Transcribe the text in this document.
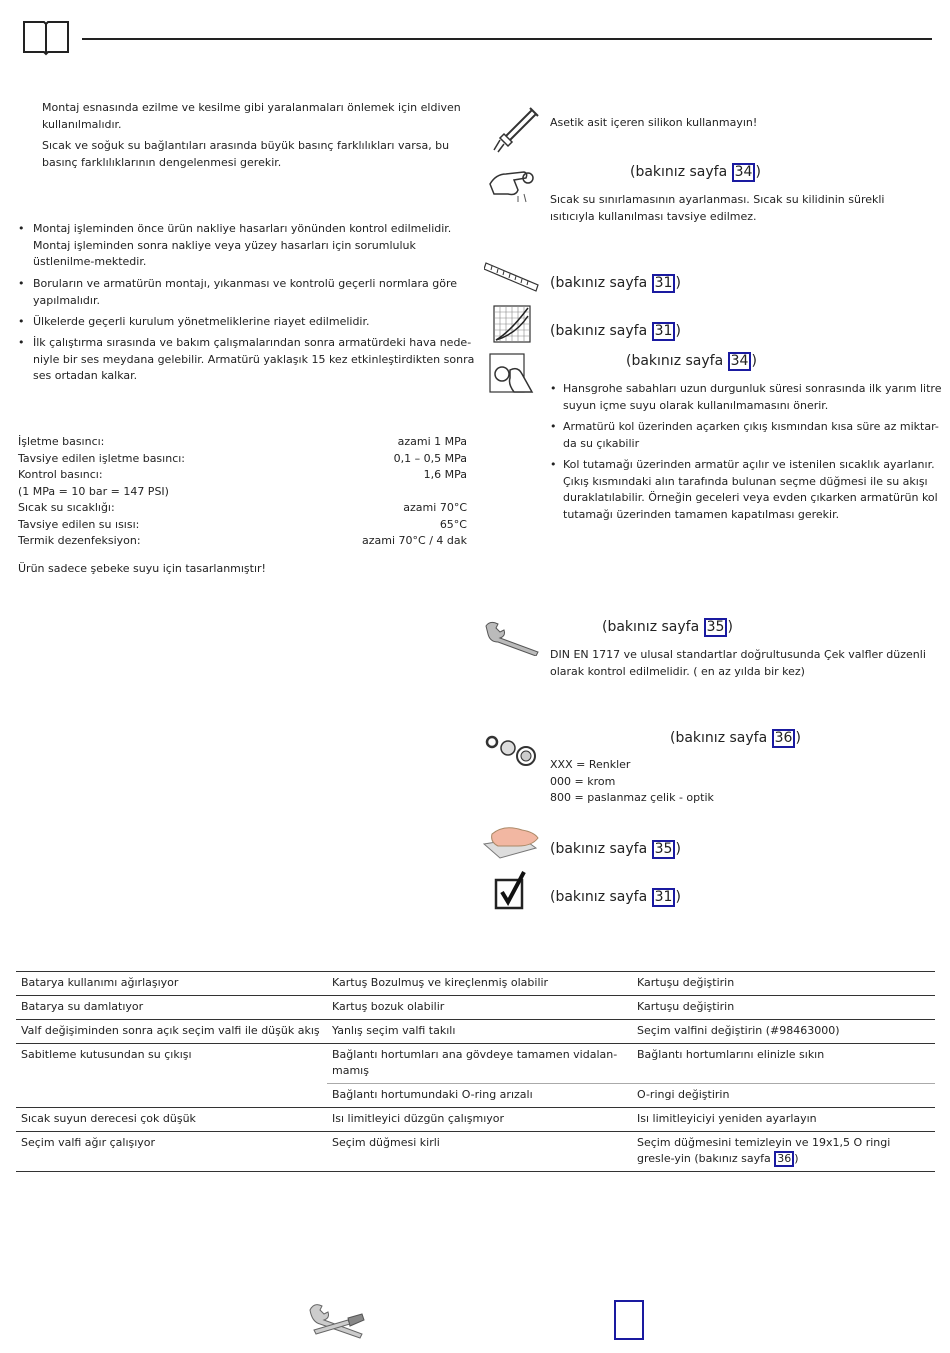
Montaj esnasında ezilme ve kesilme gibi yaralanmaları önlemek için eldiven kullanılmalıdır.
Sıcak ve soğuk su bağlantıları arasında büyük basınç farklılıkları varsa, bu basınç farklılıklarının dengelenmesi gerekir.
• Montaj işleminden önce ürün nakliye hasarları yönünden kontrol edilmelidir. Montaj işleminden sonra nakliye veya yüzey hasarları için sorumluluk üstlenilme-mektedir.
• Boruların ve armatürün montajı, yıkanması ve kontrolü geçerli normlara göre yapılmalıdır.
• Ülkelerde geçerli kurulum yönetmeliklerine riayet edilmelidir.
• İlk çalıştırma sırasında ve bakım çalışmalarından sonra armatürdeki hava nede-niyle bir ses meydana gelebilir. Armatürü yaklaşık 15 kez etkinleştirdikten sonra ses ortadan kalkar.
İşletme basıncı:	azami 1 MPa
Tavsiye edilen işletme basıncı:	0,1 – 0,5 MPa
Kontrol basıncı:	1,6 MPa
(1 MPa = 10 bar = 147 PSI)
Sıcak su sıcaklığı:	azami 70°C
Tavsiye edilen su ısısı:	65°C
Termik dezenfeksiyon:	azami 70°C / 4 dak
Ürün sadece şebeke suyu için tasarlanmıştır!
Asetik asit içeren silikon kullanmayın!
(bakınız sayfa 34 )
Sıcak su sınırlamasının ayarlanması. Sıcak su kilidinin sürekli ısıtıcıyla kullanılması tavsiye edilmez.
(bakınız sayfa 31 )
(bakınız sayfa 31 )
(bakınız sayfa 34 )
• Hansgrohe sabahları uzun durgunluk süresi sonrasında ilk yarım litre suyun içme suyu olarak kullanılmamasını önerir.
• Armatürü kol üzerinden açarken çıkış kısmından kısa süre az miktar-da su çıkabilir
• Kol tutamağı üzerinden armatür açılır ve istenilen sıcaklık ayarlanır. Çıkış kısmındaki alın tarafında bulunan seçme düğmesi ile su akışı duraklatılabilir. Örneğin geceleri veya evden çıkarken armatürün kol tutamağı üzerinden tamamen kapatılması gerekir.
(bakınız sayfa 35 )
DIN EN 1717 ve ulusal standartlar doğrultusunda Çek valfler düzenli olarak kontrol edilmelidir. ( en az yılda bir kez)
(bakınız sayfa 36 )
XXX = Renkler
000 = krom
800 = paslanmaz çelik - optik
(bakınız sayfa 35 )
(bakınız sayfa 31 )
Batarya kullanımı ağırlaşıyor	Kartuş Bozulmuş ve kireçlenmiş olabilir	Kartuşu değiştirin
Batarya su damlatıyor	Kartuş bozuk olabilir	Kartuşu değiştirin
Valf değişiminden sonra açık seçim valfi ile düşük akış	Yanlış seçim valfi takılı	Seçim valfini değiştirin (#98463000)
Sabitleme kutusundan su çıkışı	Bağlantı hortumları ana gövdeye tamamen vidalan-mamış	Bağlantı hortumlarını elinizle sıkın
	Bağlantı hortumundaki O-ring arızalı	O-ringi değiştirin
Sıcak suyun derecesi çok düşük	Isı limitleyici düzgün çalışmıyor	Isı limitleyiciyi yeniden ayarlayın
Seçim valfi ağır çalışıyor	Seçim düğmesi kirli	Seçim düğmesini temizleyin ve 19x1,5 O ringi gresle-yin (bakınız sayfa 36 )
